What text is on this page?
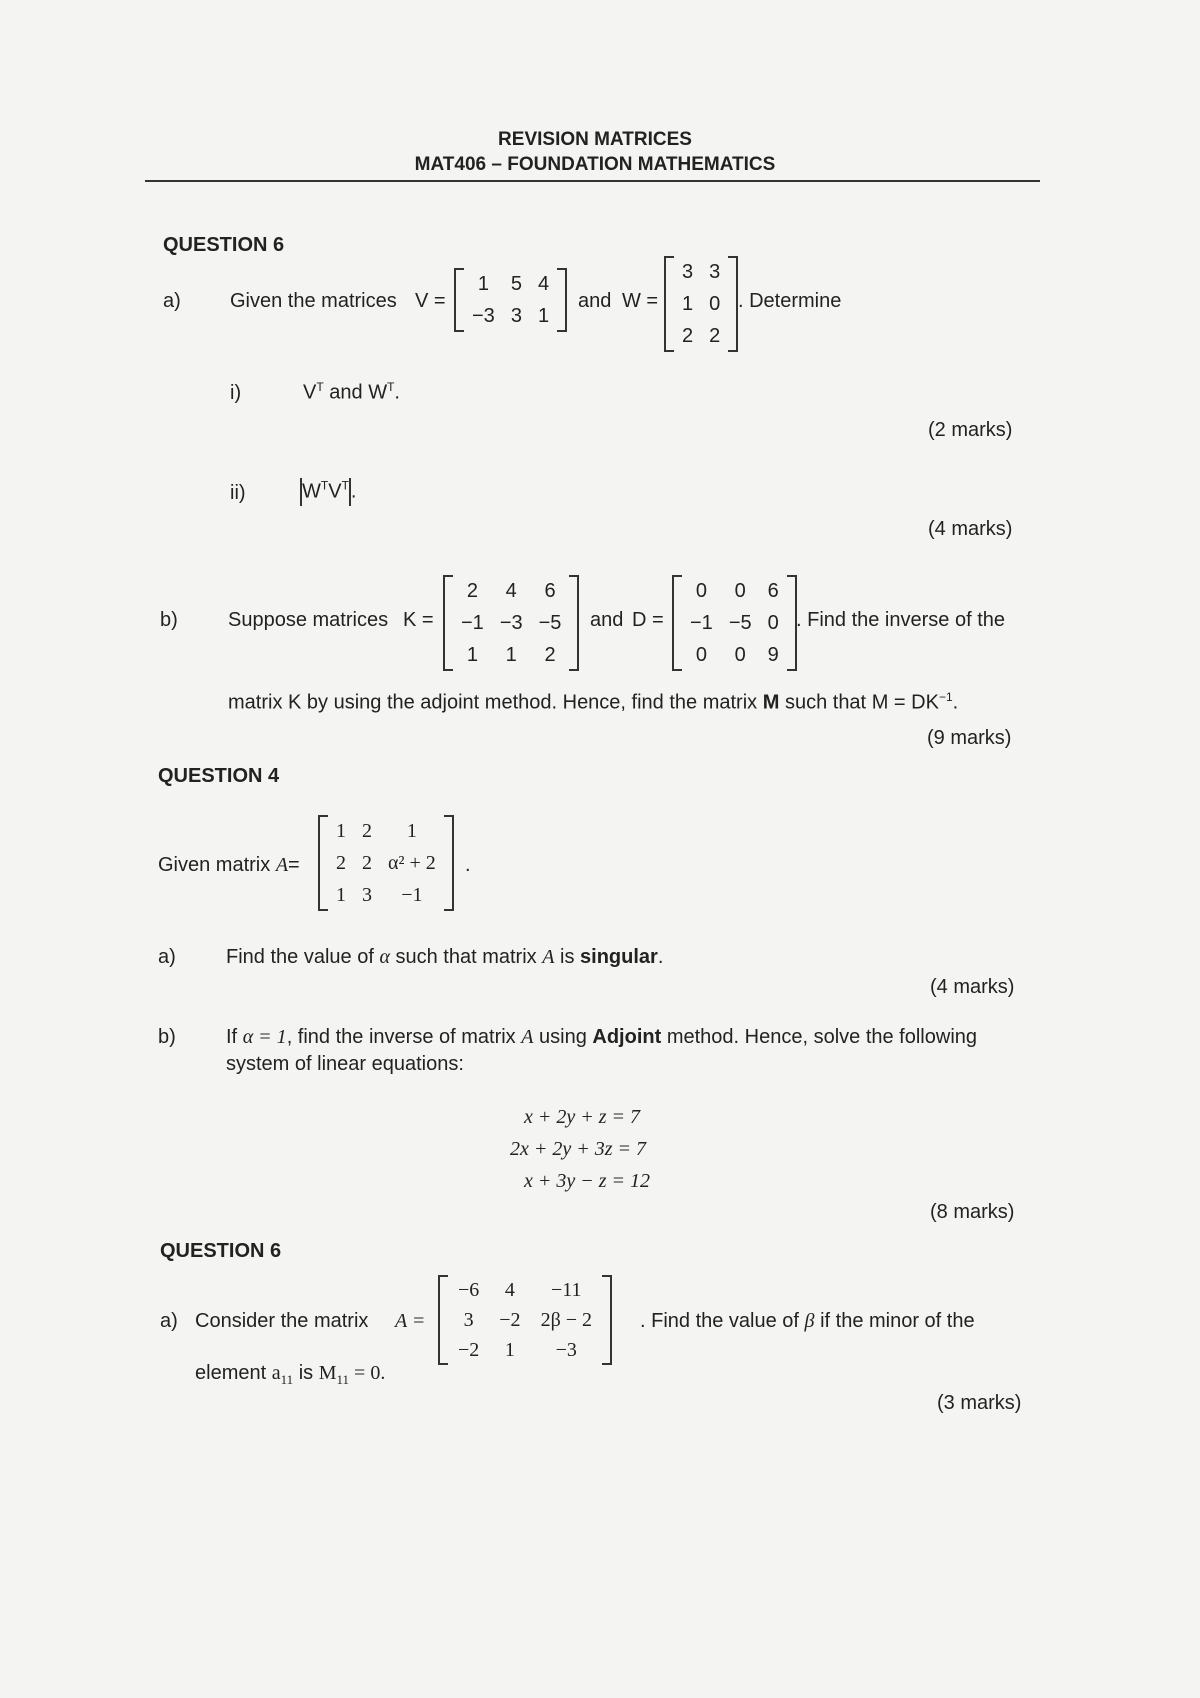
REVISION MATRICES
MAT406 – FOUNDATION MATHEMATICS
QUESTION 6
a) Given the matrices V =
1	5	4
−3	3	1
and W =
3	3
1	0
2	2
. Determine
i)	$V^T$ and $W^T$.
(2 marks)
ii)	$W^TV^T$ .
(4 marks)
b)	Suppose matrices K =
2	4	6
−1	−3	−5
1	1	2
and D =
0	0	6
−1	−5	0
0	0	9
. Find the inverse of the
matrix K by using the adjoint method. Hence, find the matrix M such that $M = DK^{-1}$.
(9 marks)
QUESTION 4
Given matrix A=
1	2	1
2	2	α² + 2
1	3	−1
.
a)	Find the value of α such that matrix A is singular.
(4 marks)
b)	If α = 1, find the inverse of matrix A using Adjoint method. Hence, solve the following
system of linear equations:
x + 2y + z = 7
2x + 2y + 3z = 7
x + 3y − z = 12
(8 marks)
QUESTION 6
a) Consider the matrix A =
−6	4	−11
3	−2	2β − 2
−2	1	−3
. Find the value of β if the minor of the
element $a_{11}$ is $M_{11} = 0$.
(3 marks)
